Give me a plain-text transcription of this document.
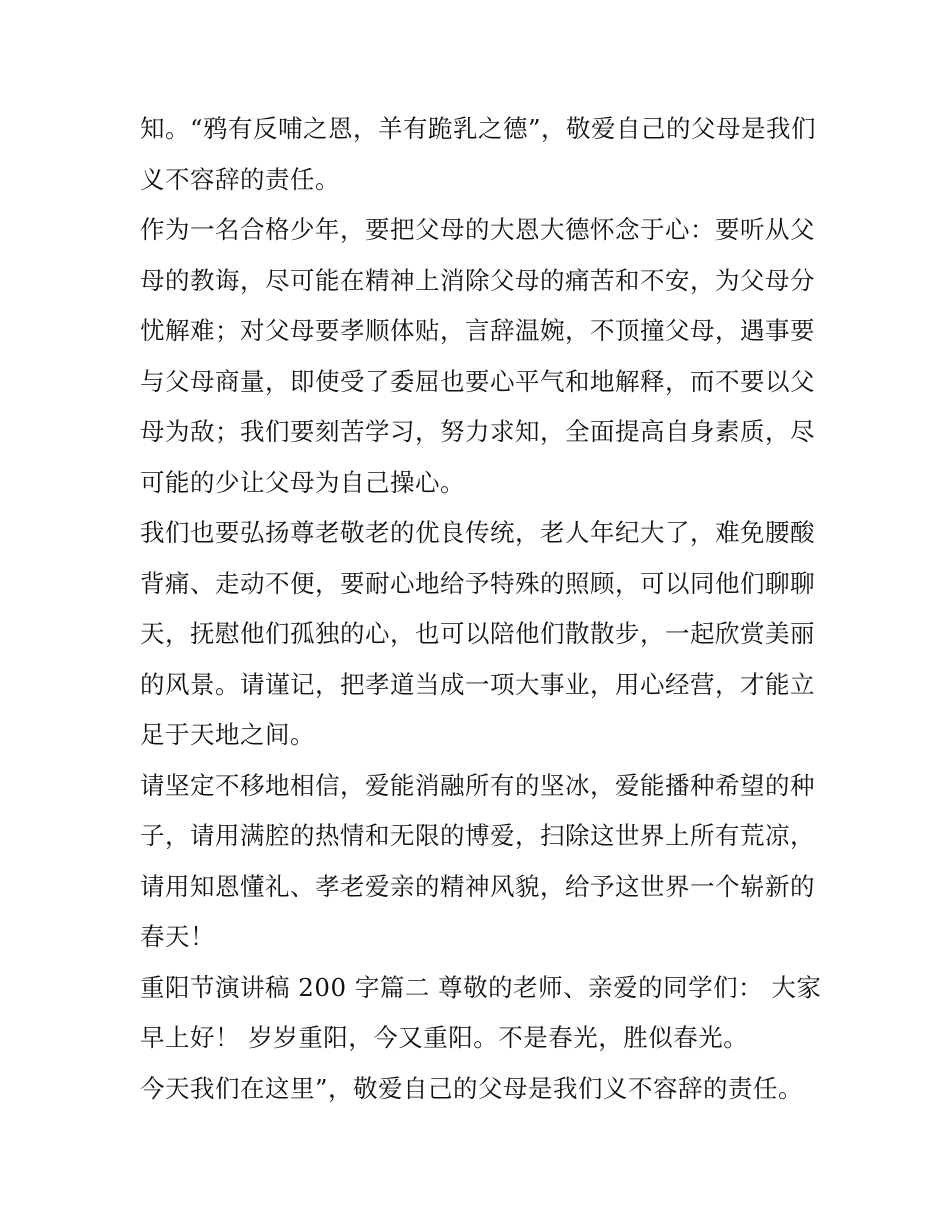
知。“鸦有反哺之恩，羊有跪乳之德”，敬爱自己的父母是我们

义不容辞的责任。

作为一名合格少年，要把父母的大恩大德怀念于心：要听从父

母的教诲，尽可能在精神上消除父母的痛苦和不安，为父母分

忧解难；对父母要孝顺体贴，言辞温婉，不顶撞父母，遇事要

与父母商量，即使受了委屈也要心平气和地解释，而不要以父

母为敌；我们要刻苦学习，努力求知，全面提高自身素质，尽

可能的少让父母为自己操心。

我们也要弘扬尊老敬老的优良传统，老人年纪大了，难免腰酸

背痛、走动不便，要耐心地给予特殊的照顾，可以同他们聊聊

天，抚慰他们孤独的心，也可以陪他们散散步，一起欣赏美丽

的风景。请谨记，把孝道当成一项大事业，用心经营，才能立

足于天地之间。

请坚定不移地相信，爱能消融所有的坚冰，爱能播种希望的种

子，请用满腔的热情和无限的博爱，扫除这世界上所有荒凉，

请用知恩懂礼、孝老爱亲的精神风貌，给予这世界一个崭新的

春天！

重阳节演讲稿 200 字篇二 尊敬的老师、亲爱的同学们： 大家

早上好！ 岁岁重阳，今又重阳。不是春光，胜似春光。

今天我们在这里”，敬爱自己的父母是我们义不容辞的责任。
